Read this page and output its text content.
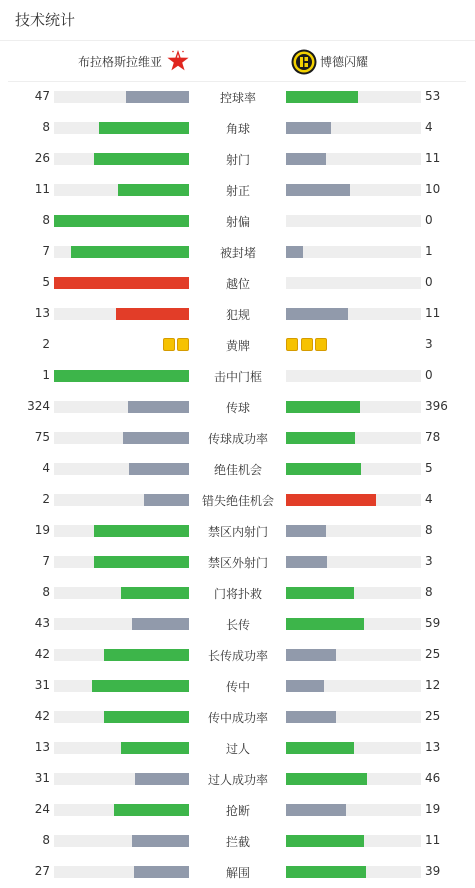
技术统计
布拉格斯拉维亚	博德闪耀
47	控球率	53
8	角球	4
26	射门	11
11	射正	10
8	射偏	0
7	被封堵	1
5	越位	0
13	犯规	11
2	黄牌	3
1	击中门框	0
324	传球	396
75	传球成功率	78
4	绝佳机会	5
2	错失绝佳机会	4
19	禁区内射门	8
7	禁区外射门	3
8	门将扑救	8
43	长传	59
42	长传成功率	25
31	传中	12
42	传中成功率	25
13	过人	13
31	过人成功率	46
24	抢断	19
8	拦截	11
27	解围	39
